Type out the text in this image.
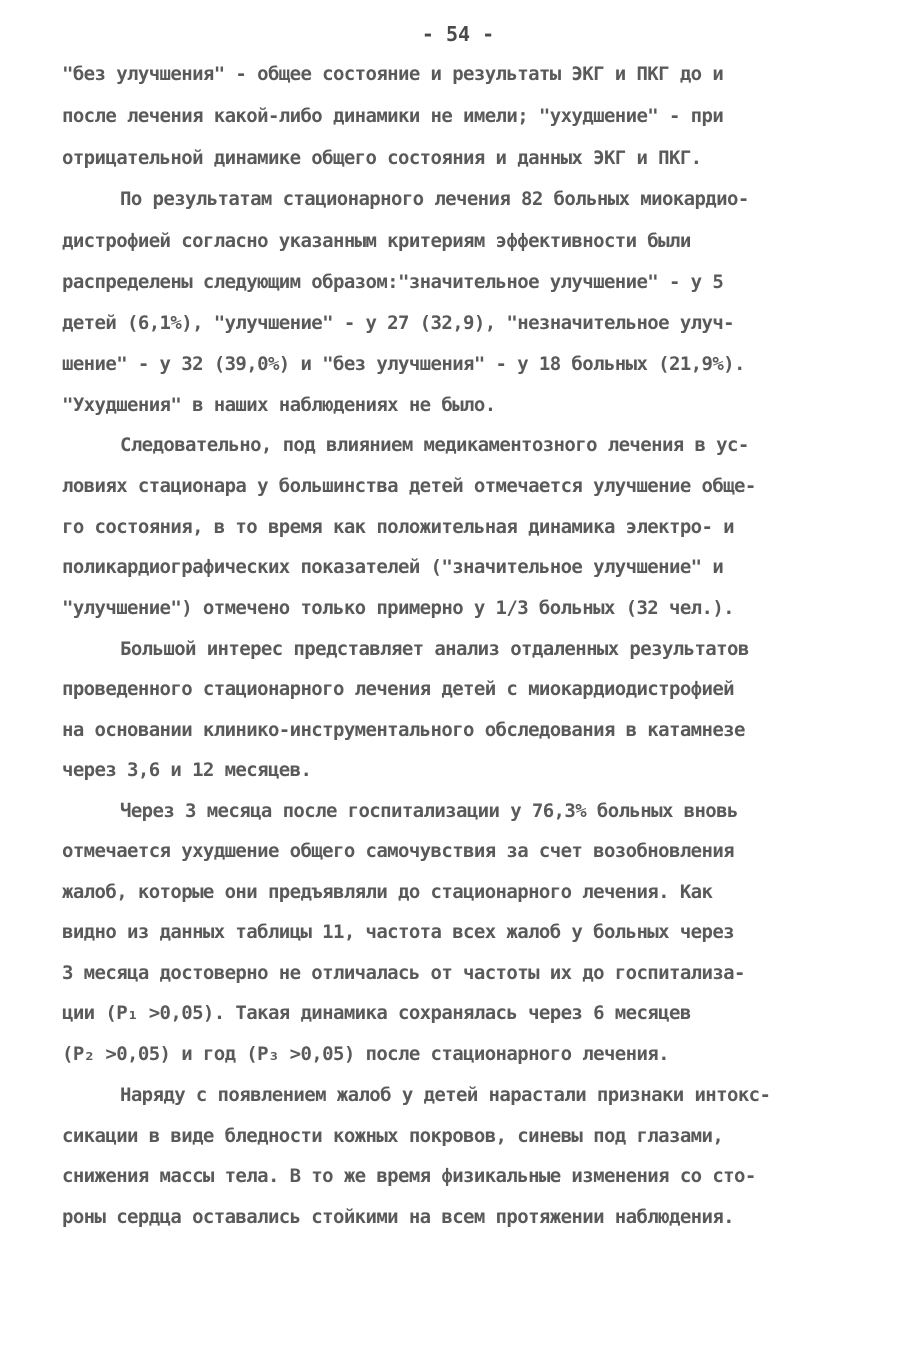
- 54 -
"без улучшения" - общее состояние и результаты ЭКГ и ПКГ до и
после лечения какой-либо динамики не имели; "ухудшение" - при
отрицательной динамике общего состояния и данных ЭКГ и ПКГ.
По результатам стационарного лечения 82 больных миокардио-
дистрофией согласно указанным критериям эффективности были
распределены следующим образом:"значительное улучшение" - у 5
детей (6,1%), "улучшение" - у 27 (32,9), "незначительное улуч-
шение" - у 32 (39,0%) и "без улучшения" - у 18 больных (21,9%).
"Ухудшения" в наших наблюдениях не было.
Следовательно, под влиянием медикаментозного лечения в ус-
ловиях стационара у большинства детей отмечается улучшение обще-
го состояния, в то время как положительная динамика электро- и
поликардиографических показателей ("значительное улучшение" и
"улучшение") отмечено только примерно у 1/3 больных (32 чел.).
Большой интерес представляет анализ отдаленных результатов
проведенного стационарного лечения детей с миокардиодистрофией
на основании клинико-инструментального обследования в катамнезе
через 3,6 и 12 месяцев.
Через 3 месяца после госпитализации у 76,3% больных вновь
отмечается ухудшение общего самочувствия за счет возобновления
жалоб, которые они предъявляли до стационарного лечения. Как
видно из данных таблицы 11, частота всех жалоб у больных через
3 месяца достоверно не отличалась от частоты их до госпитализа-
ции (P₁ >0,05). Такая динамика сохранялась через 6 месяцев
(P₂ >0,05) и год (P₃ >0,05) после стационарного лечения.
Наряду с появлением жалоб у детей нарастали признаки интокс-
сикации в виде бледности кожных покровов, синевы под глазами,
снижения массы тела. В то же время физикальные изменения со сто-
роны сердца оставались стойкими на всем протяжении наблюдения.
